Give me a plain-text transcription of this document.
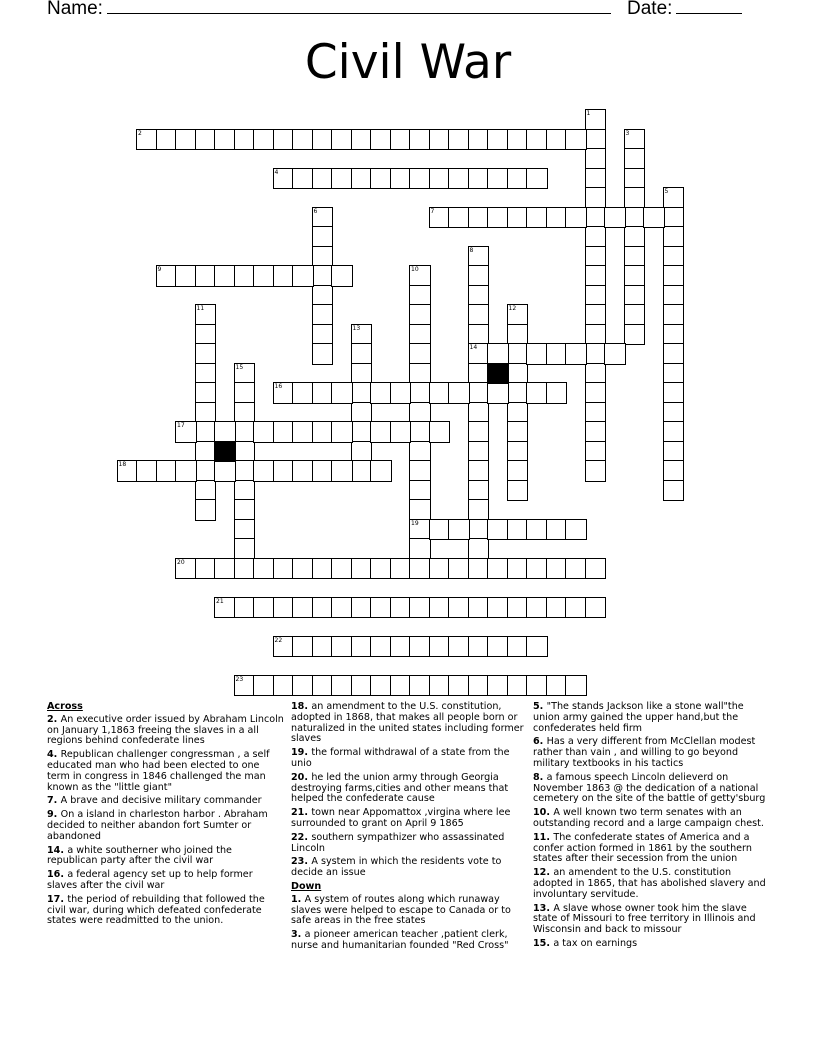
Name:	Date:
Civil War
1
2	3
4
5
6	7
8
14
9	10
19
11	12
13
15
16
17
18
20
21
22
23
Across
2. An executive order issued by Abraham Lincoln on January 1,1863 freeing the slaves in a all regions behind confederate lines
4. Republican challenger congressman , a self educated man who had been elected to one term in congress in 1846 challenged the man known as the "little giant"
7. A brave and decisive military commander
9. On a island in charleston harbor . Abraham decided to neither abandon fort Sumter or abandoned
14. a white southerner who joined the republican party after the civil war
16. a federal agency set up to help former slaves after the civil war
17. the period of rebuilding that followed the civil war, during which defeated confederate states were readmitted to the union.
18. an amendment to the U.S. constitution, adopted in 1868, that makes all people born or naturalized in the united states including former slaves
19. the formal withdrawal of a state from the unio
20. he led the union army through Georgia destroying farms,cities and other means that helped the confederate cause
21. town near Appomattox ,virgina where lee surrounded to grant on April 9 1865
22. southern sympathizer who assassinated Lincoln
23. A system in which the residents vote to decide an issue
Down
1. A system of routes along which runaway slaves were helped to escape to Canada or to safe areas in the free states
3. a pioneer american teacher ,patient clerk, nurse and humanitarian founded "Red Cross"
5. "The stands Jackson like a stone wall"the union army gained the upper hand,but the confederates held firm
6. Has a very different from McClellan modest rather than vain , and willing to go beyond military textbooks in his tactics
8. a famous speech Lincoln delieverd on November 1863 @ the dedication of a national cemetery on the site of the battle of getty'sburg
10. A well known two term senates with an outstanding record and a large campaign chest.
11. The confederate states of America and a confer action formed in 1861 by the southern states after their secession from the union
12. an amendent to the U.S. constitution adopted in 1865, that has abolished slavery and involuntary servitude.
13. A slave whose owner took him the slave state of Missouri to free territory in Illinois and Wisconsin and back to missour
15. a tax on earnings
